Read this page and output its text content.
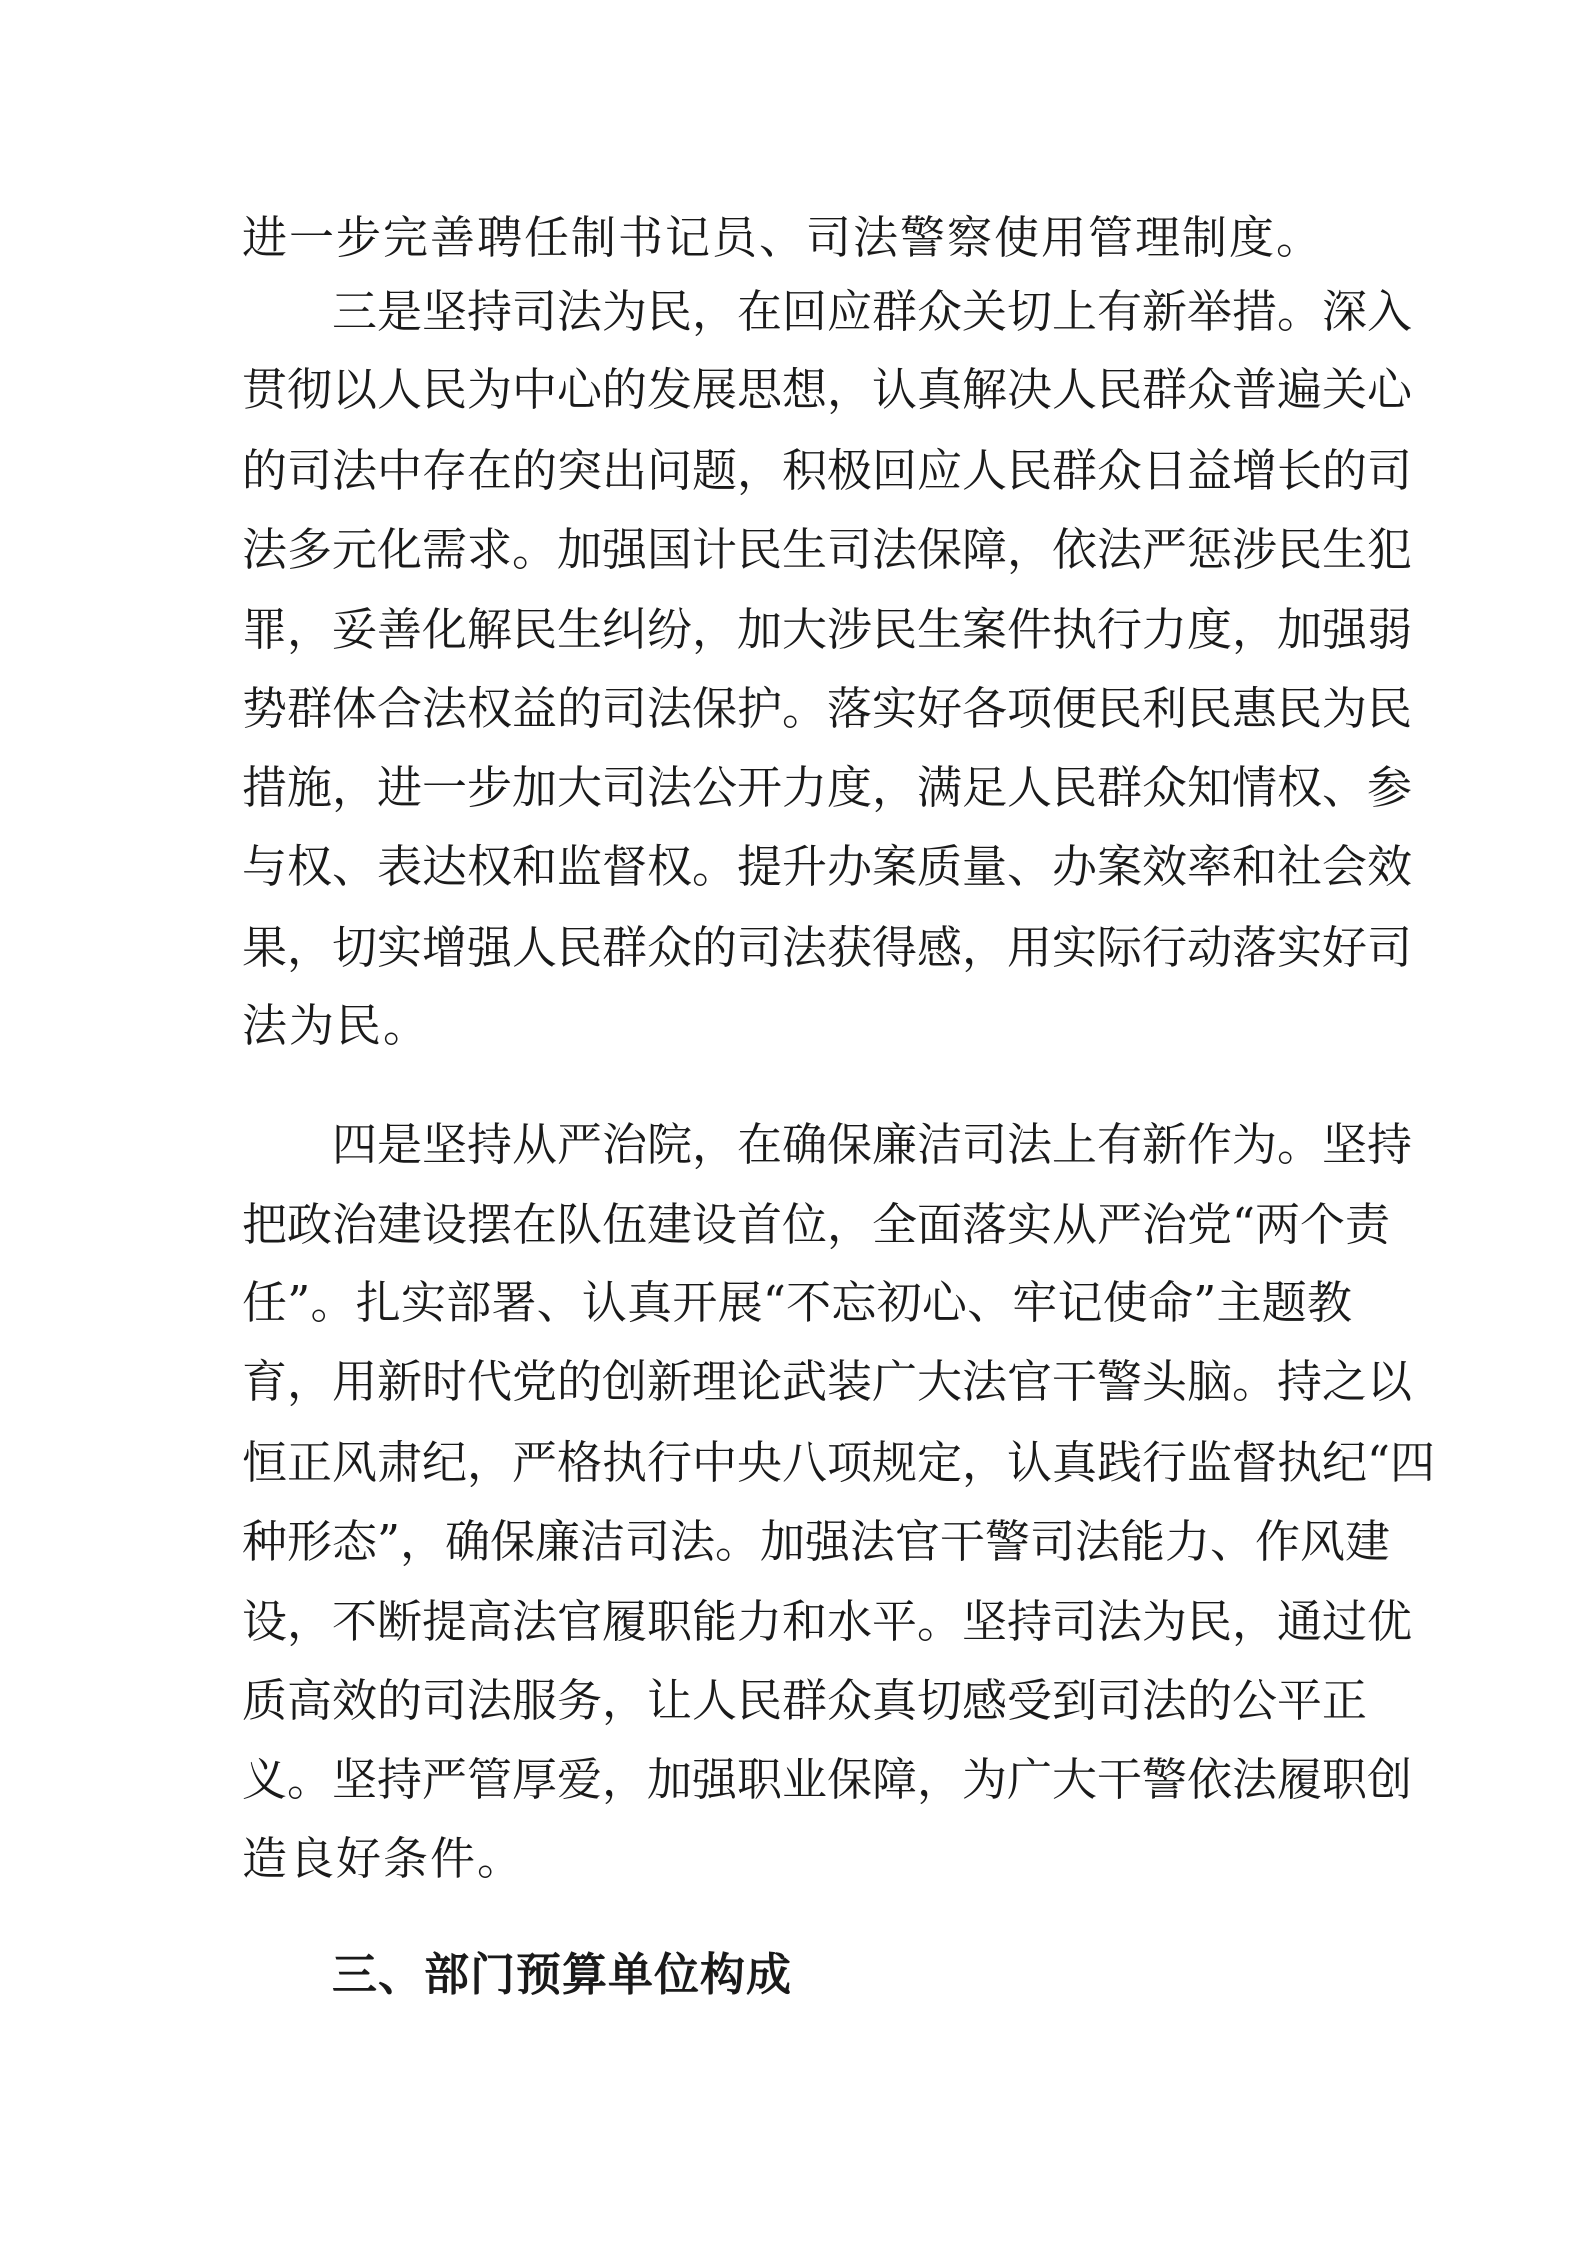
进一步完善聘任制书记员、司法警察使用管理制度。
三是坚持司法为民，在回应群众关切上有新举措。深入
贯彻以人民为中心的发展思想，认真解决人民群众普遍关心
的司法中存在的突出问题，积极回应人民群众日益增长的司
法多元化需求。加强国计民生司法保障，依法严惩涉民生犯
罪，妥善化解民生纠纷，加大涉民生案件执行力度，加强弱
势群体合法权益的司法保护。落实好各项便民利民惠民为民
措施，进一步加大司法公开力度，满足人民群众知情权、参
与权、表达权和监督权。提升办案质量、办案效率和社会效
果，切实增强人民群众的司法获得感，用实际行动落实好司
法为民。
四是坚持从严治院，在确保廉洁司法上有新作为。坚持
把政治建设摆在队伍建设首位，全面落实从严治党“两个责
任”。扎实部署、认真开展“不忘初心、牢记使命”主题教
育，用新时代党的创新理论武装广大法官干警头脑。持之以
恒正风肃纪，严格执行中央八项规定，认真践行监督执纪“四
种形态”，确保廉洁司法。加强法官干警司法能力、作风建
设，不断提高法官履职能力和水平。坚持司法为民，通过优
质高效的司法服务，让人民群众真切感受到司法的公平正
义。坚持严管厚爱，加强职业保障，为广大干警依法履职创
造良好条件。
三、部门预算单位构成
